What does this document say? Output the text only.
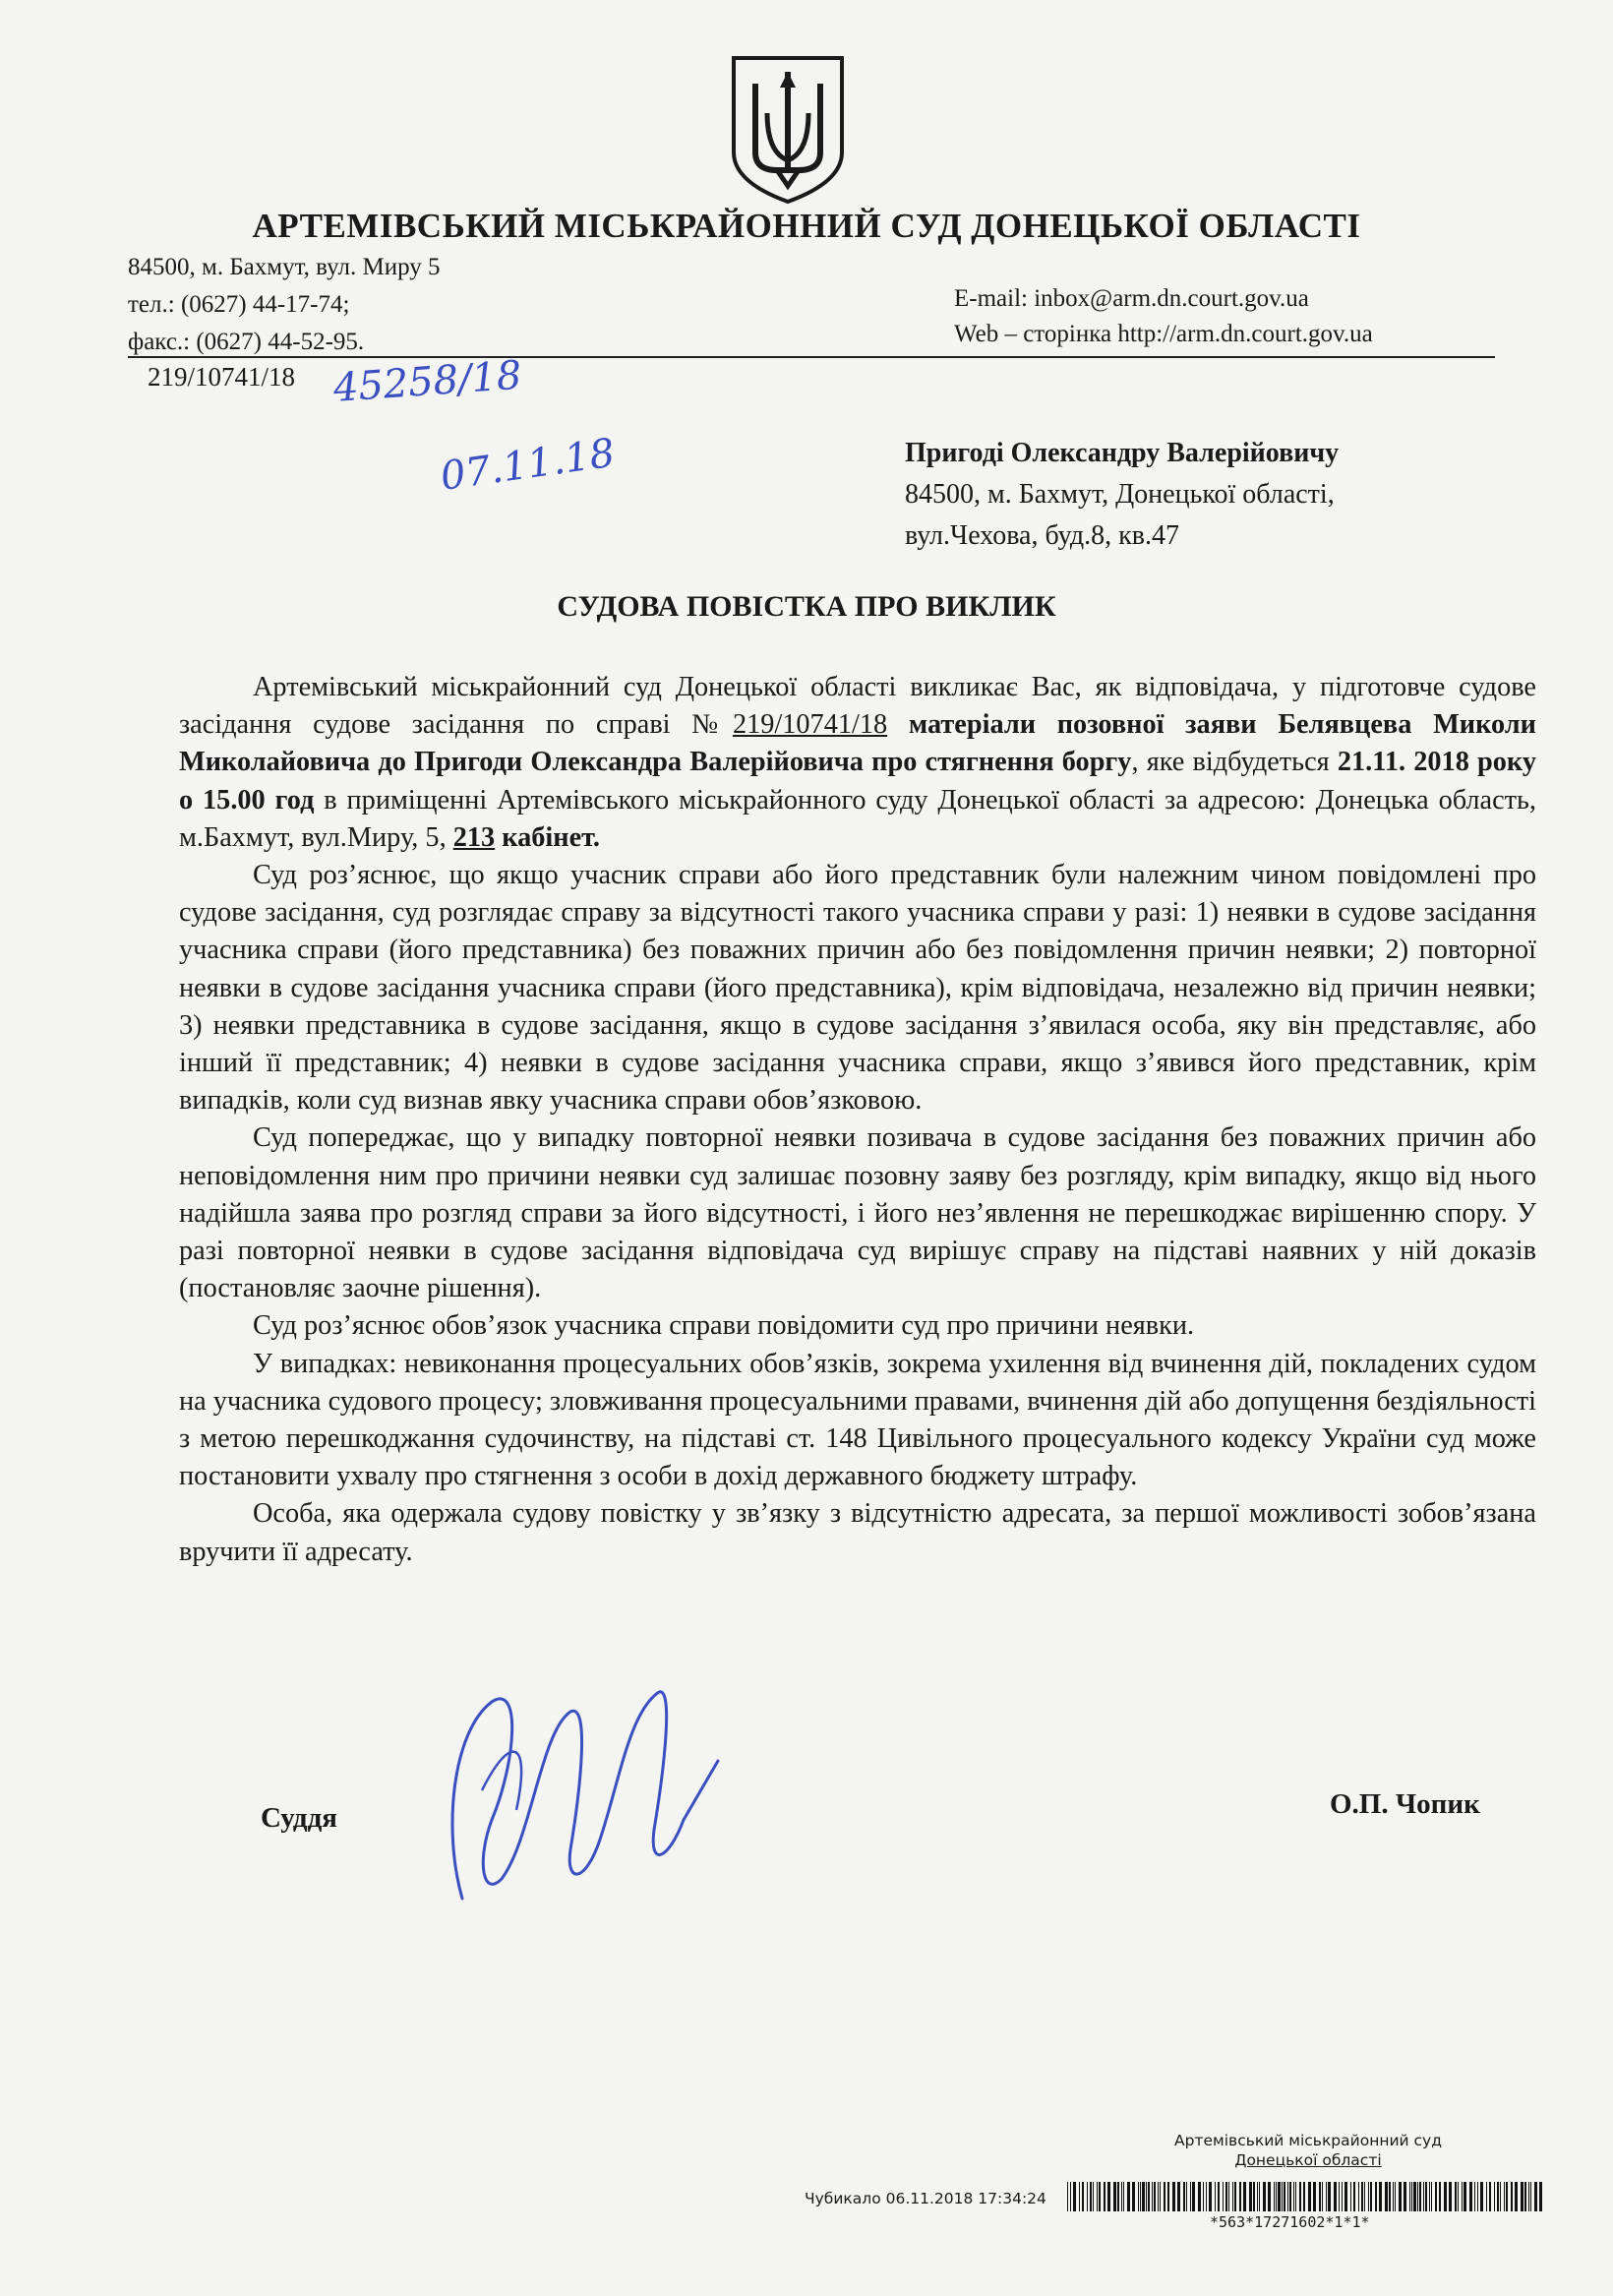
АРТЕМІВСЬКИЙ МІСЬКРАЙОННИЙ СУД ДОНЕЦЬКОЇ ОБЛАСТІ
84500, м. Бахмут, вул. Миру 5
тел.: (0627) 44-17-74;
факс.: (0627) 44-52-95.
E-mail: inbox@arm.dn.court.gov.ua
Web – сторінка http://arm.dn.court.gov.ua
219/10741/18 45258/18
07.11.18	Пригоді Олександру Валерійовичу
84500, м. Бахмут, Донецької області,
вул.Чехова, буд.8, кв.47
СУДОВА ПОВІСТКА ПРО ВИКЛИК

Артемівський міськрайонний суд Донецької області викликає Вас, як відповідача, у підготовче судове засідання судове засідання по справі №219/10741/18 матеріали позовної заяви Белявцева Миколи Миколайовича до Пригоди Олександра Валерійовича про стягнення боргу, яке відбудеться 21.11. 2018 року о 15.00 год в приміщенні Артемівського міськрайонного суду Донецької області за адресою: Донецька область, м.Бахмут, вул.Миру, 5, 213 кабінет.

Суд роз’яснює, що якщо учасник справи або його представник були належним чином повідомлені про судове засідання, суд розглядає справу за відсутності такого учасника справи у разі: 1) неявки в судове засідання учасника справи (його представника) без поважних причин або без повідомлення причин неявки; 2) повторної неявки в судове засідання учасника справи (його представника), крім відповідача, незалежно від причин неявки; 3) неявки представника в судове засідання, якщо в судове засідання з’явилася особа, яку він представляє, або інший її представник; 4) неявки в судове засідання учасника справи, якщо з’явився його представник, крім випадків, коли суд визнав явку учасника справи обов’язковою.

Суд попереджає, що у випадку повторної неявки позивача в судове засідання без поважних причин або неповідомлення ним про причини неявки суд залишає позовну заяву без розгляду, крім випадку, якщо від нього надійшла заява про розгляд справи за його відсутності, і його нез’явлення не перешкоджає вирішенню спору. У разі повторної неявки в судове засідання відповідача суд вирішує справу на підставі наявних у ній доказів (постановляє заочне рішення).

Суд роз’яснює обов’язок учасника справи повідомити суд про причини неявки.

У випадках: невиконання процесуальних обов’язків, зокрема ухилення від вчинення дій, покладених судом на учасника судового процесу; зловживання процесуальними правами, вчинення дій або допущення бездіяльності з метою перешкоджання судочинству, на підставі ст. 148 Цивільного процесуального кодексу України суд може постановити ухвалу про стягнення з особи в дохід державного бюджету штрафу.

Особа, яка одержала судову повістку у зв’язку з відсутністю адресата, за першої можливості зобов’язана вручити її адресату.

Суддя	О.П. Чопик
Артемівський міськрайонний суд
Донецької області
Чубикало 06.11.2018 17:34:24
*563*17271602*1*1*
